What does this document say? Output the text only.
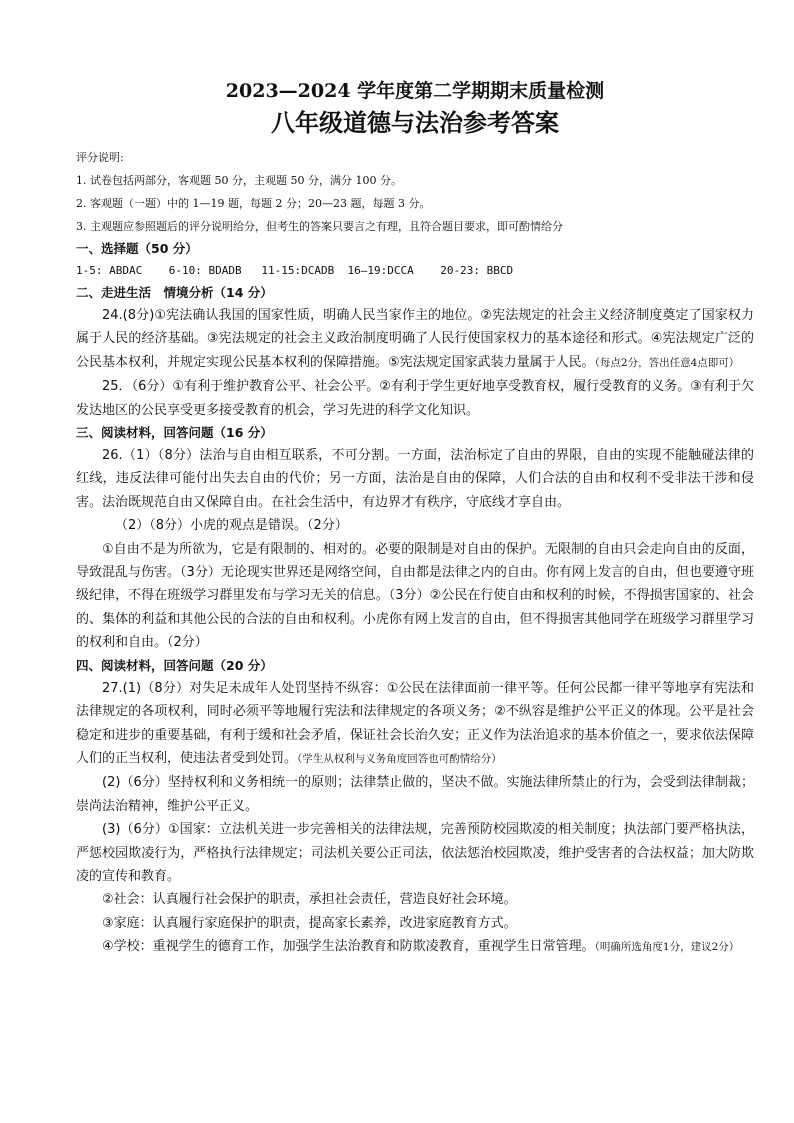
2023—2024 学年度第二学期期末质量检测

八年级道德与法治参考答案

评分说明:

1. 试卷包括两部分，客观题 50 分，主观题 50 分，满分 100 分。

2. 客观题（一题）中的 1—19 题，每题 2 分；20—23 题，每题 3 分。

3. 主观题应参照题后的评分说明给分，但考生的答案只要言之有理，且符合题目要求，即可酌情给分

一、选择题（50 分）

1-5: ABDAC    6-10: BDADB   11-15:DCADB  16—19:DCCA    20-23: BBCD

二、走进生活　情境分析（14 分）

24.(8分)①宪法确认我国的国家性质，明确人民当家作主的地位。②宪法规定的社会主义经济制度奠定了国家权力属于人民的经济基础。③宪法规定的社会主义政治制度明确了人民行使国家权力的基本途径和形式。④宪法规定广泛的公民基本权利，并规定实现公民基本权利的保障措施。⑤宪法规定国家武装力量属于人民。（每点2分，答出任意4点即可）

25．（6分）①有利于维护教育公平、社会公平。②有利于学生更好地享受教育权，履行受教育的义务。③有利于欠发达地区的公民享受更多接受教育的机会，学习先进的科学文化知识。

三、阅读材料，回答问题（16 分）

26.（1）（8分）法治与自由相互联系，不可分割。一方面，法治标定了自由的界限，自由的实现不能触碰法律的红线，违反法律可能付出失去自由的代价；另一方面，法治是自由的保障，人们合法的自由和权利不受非法干涉和侵害。法治既规范自由又保障自由。在社会生活中，有边界才有秩序，守底线才享自由。

（2）（8分）小虎的观点是错误。（2分）

①自由不是为所欲为，它是有限制的、相对的。必要的限制是对自由的保护。无限制的自由只会走向自由的反面，导致混乱与伤害。（3分）无论现实世界还是网络空间，自由都是法律之内的自由。你有网上发言的自由，但也要遵守班级纪律，不得在班级学习群里发布与学习无关的信息。（3分）②公民在行使自由和权利的时候，不得损害国家的、社会的、集体的利益和其他公民的合法的自由和权利。小虎你有网上发言的自由，但不得损害其他同学在班级学习群里学习的权利和自由。（2分）

四、阅读材料，回答问题（20 分）

27.(1)（8分）对失足未成年人处罚坚持不纵容：①公民在法律面前一律平等。任何公民都一律平等地享有宪法和法律规定的各项权利，同时必须平等地履行宪法和法律规定的各项义务；②不纵容是维护公平正义的体现。公平是社会稳定和进步的重要基础，有利于缓和社会矛盾，保证社会长治久安；正义作为法治追求的基本价值之一，要求依法保障人们的正当权利，使违法者受到处罚。（学生从权利与义务角度回答也可酌情给分）

(2)（6分）坚持权利和义务相统一的原则；法律禁止做的，坚决不做。实施法律所禁止的行为，会受到法律制裁；崇尚法治精神，维护公平正义。

(3)（6分）①国家：立法机关进一步完善相关的法律法规，完善预防校园欺凌的相关制度；执法部门要严格执法，严惩校园欺凌行为，严格执行法律规定；司法机关要公正司法，依法惩治校园欺凌，维护受害者的合法权益；加大防欺凌的宣传和教育。

②社会：认真履行社会保护的职责，承担社会责任，营造良好社会环境。

③家庭：认真履行家庭保护的职责，提高家长素养，改进家庭教育方式。

④学校：重视学生的德育工作，加强学生法治教育和防欺凌教育，重视学生日常管理。（明确所选角度1分，建议2分）
